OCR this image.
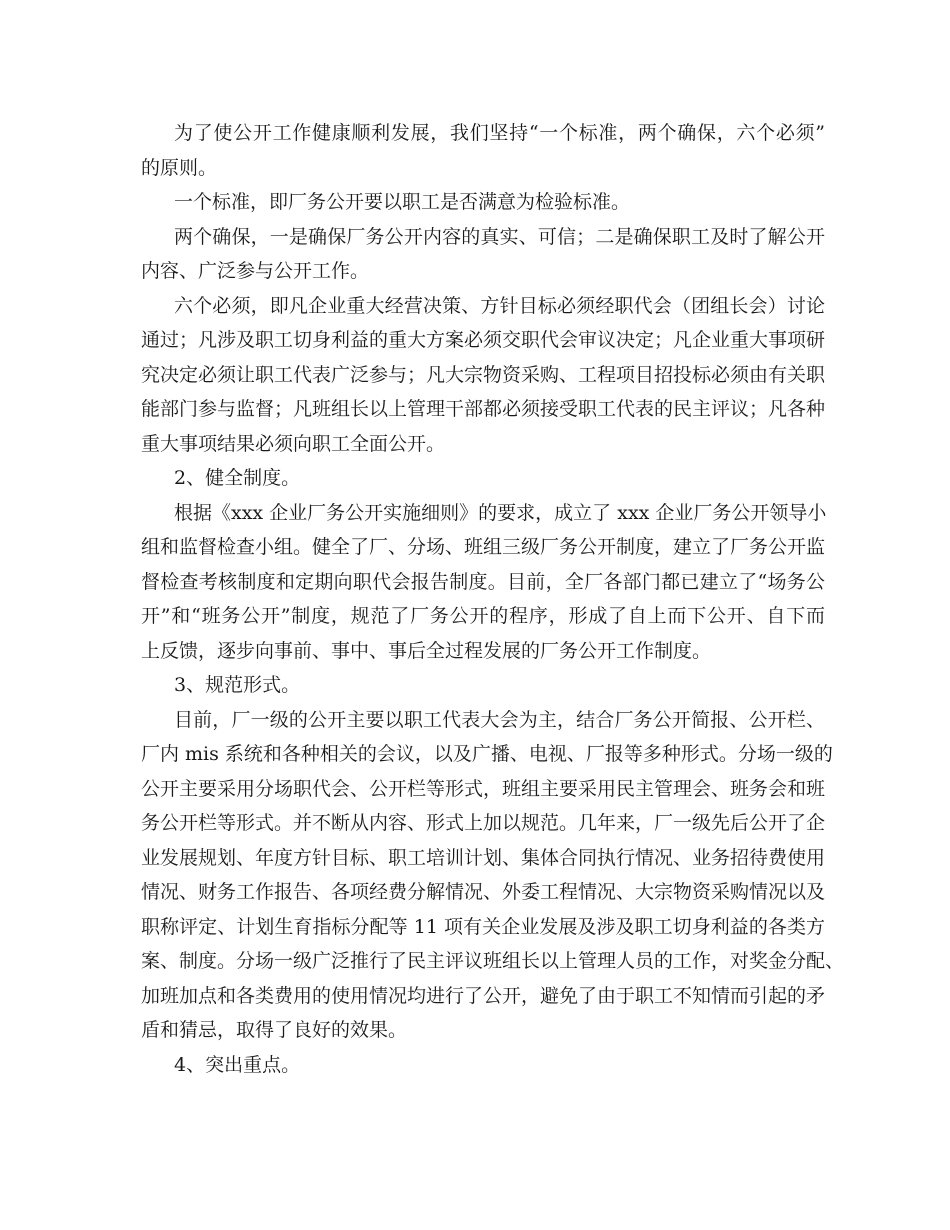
为了使公开工作健康顺利发展，我们坚持“一个标准，两个确保，六个必须”
的原则。
一个标准，即厂务公开要以职工是否满意为检验标准。
两个确保，一是确保厂务公开内容的真实、可信；二是确保职工及时了解公开
内容、广泛参与公开工作。
六个必须，即凡企业重大经营决策、方针目标必须经职代会（团组长会）讨论
通过；凡涉及职工切身利益的重大方案必须交职代会审议决定；凡企业重大事项研
究决定必须让职工代表广泛参与；凡大宗物资采购、工程项目招投标必须由有关职
能部门参与监督；凡班组长以上管理干部都必须接受职工代表的民主评议；凡各种
重大事项结果必须向职工全面公开。
2、健全制度。
根据《xxx 企业厂务公开实施细则》的要求，成立了 xxx 企业厂务公开领导小
组和监督检查小组。健全了厂、分场、班组三级厂务公开制度，建立了厂务公开监
督检查考核制度和定期向职代会报告制度。目前，全厂各部门都已建立了“场务公
开”和“班务公开”制度，规范了厂务公开的程序，形成了自上而下公开、自下而
上反馈，逐步向事前、事中、事后全过程发展的厂务公开工作制度。
3、规范形式。
目前，厂一级的公开主要以职工代表大会为主，结合厂务公开简报、公开栏、
厂内 mis 系统和各种相关的会议，以及广播、电视、厂报等多种形式。分场一级的
公开主要采用分场职代会、公开栏等形式，班组主要采用民主管理会、班务会和班
务公开栏等形式。并不断从内容、形式上加以规范。几年来，厂一级先后公开了企
业发展规划、年度方针目标、职工培训计划、集体合同执行情况、业务招待费使用
情况、财务工作报告、各项经费分解情况、外委工程情况、大宗物资采购情况以及
职称评定、计划生育指标分配等 11 项有关企业发展及涉及职工切身利益的各类方
案、制度。分场一级广泛推行了民主评议班组长以上管理人员的工作，对奖金分配、
加班加点和各类费用的使用情况均进行了公开，避免了由于职工不知情而引起的矛
盾和猜忌，取得了良好的效果。
4、突出重点。
